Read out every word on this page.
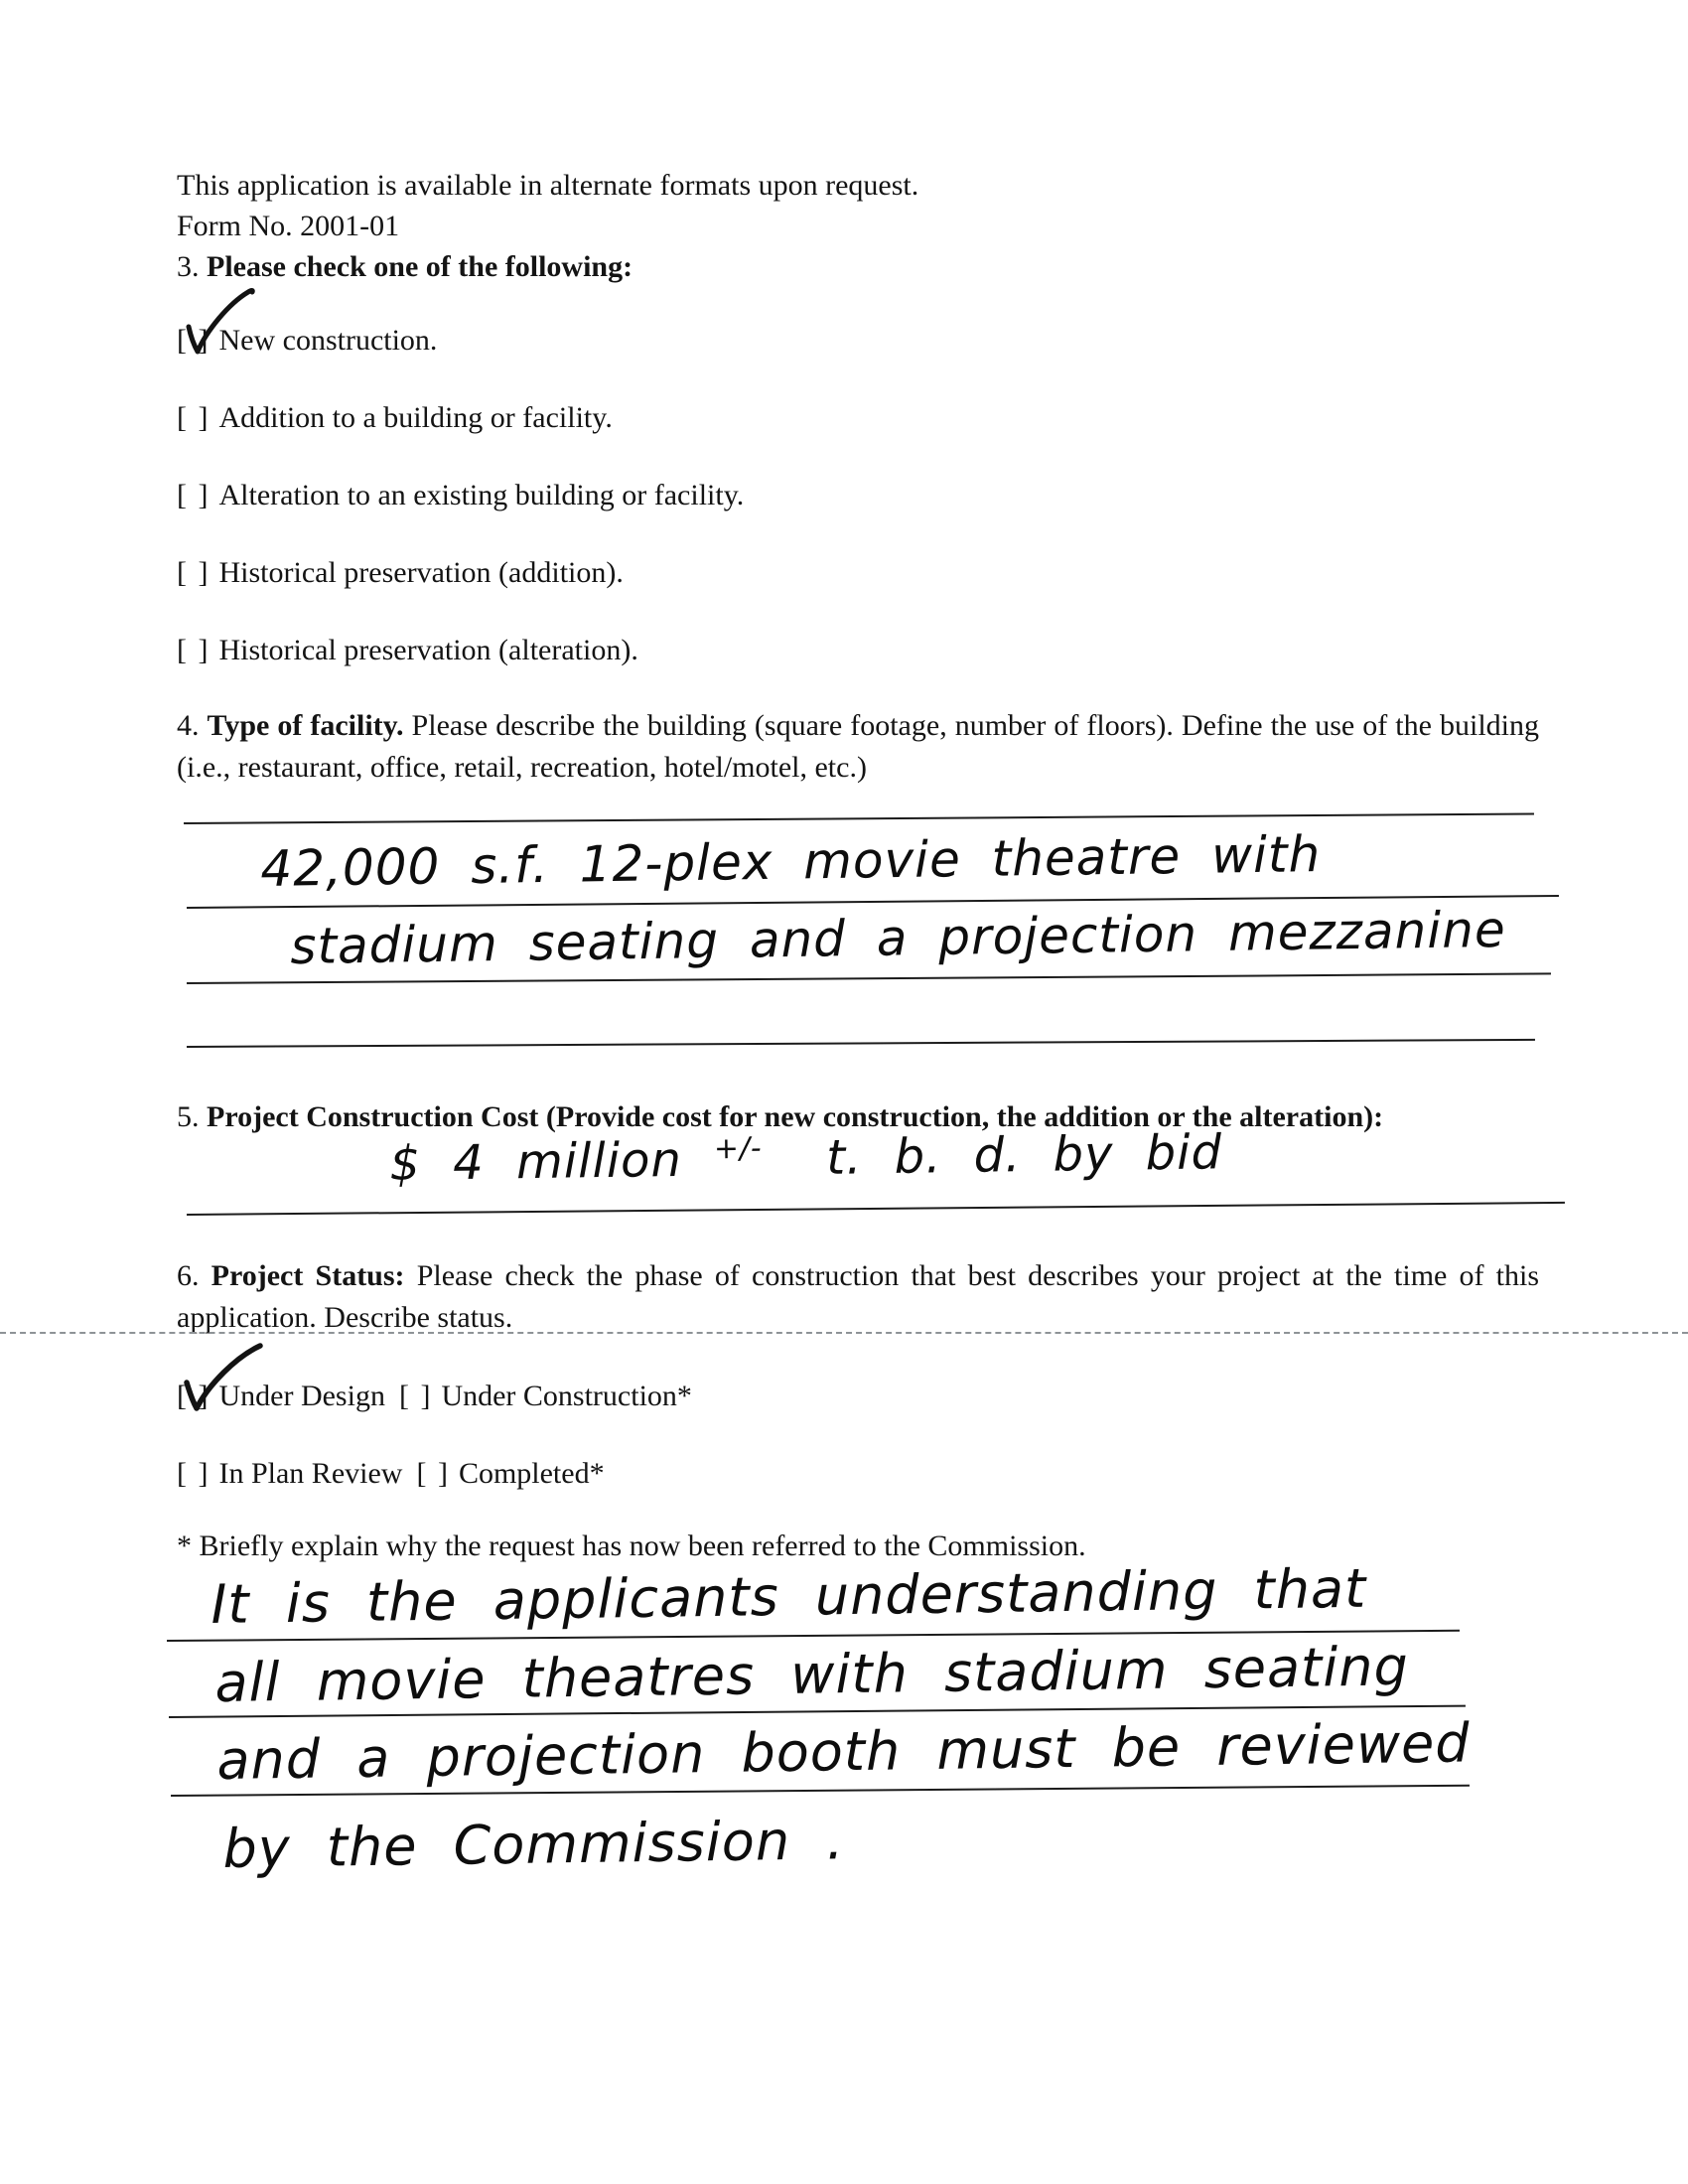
This application is available in alternate formats upon request.
Form No. 2001-01
3. Please check one of the following:
[ ] New construction.
[ ] Addition to a building or facility.
[ ] Alteration to an existing building or facility.
[ ] Historical preservation (addition).
[ ] Historical preservation (alteration).
4. Type of facility. Please describe the building (square footage, number of floors). Define the use of the building (i.e., restaurant, office, retail, recreation, hotel/motel, etc.)
42,000 s.f. 12-plex movie theatre with
stadium seating and a projection mezzanine
5. Project Construction Cost (Provide cost for new construction, the addition or the alteration):
$ 4 million +/- t. b. d. by bid
6. Project Status: Please check the phase of construction that best describes your project at the time of this application. Describe status.
[ ] Under Design [ ] Under Construction*
[ ] In Plan Review [ ] Completed*
* Briefly explain why the request has now been referred to the Commission.
It is the applicants understanding that
all movie theatres with stadium seating
and a projection booth must be reviewed
by the Commission .
